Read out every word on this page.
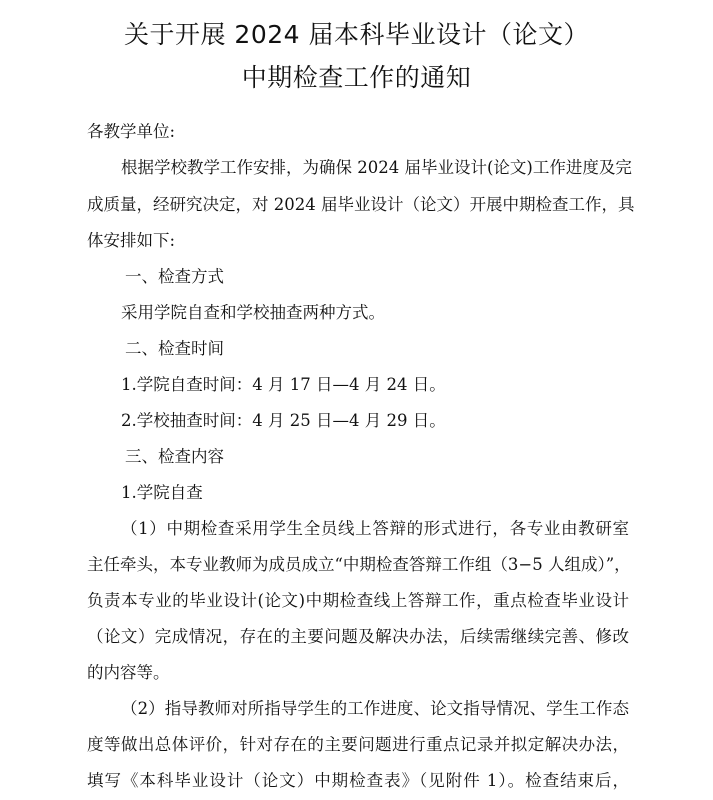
关于开展 2024 届本科毕业设计（论文）
中期检查工作的通知
各教学单位:
根据学校教学工作安排，为确保 2024 届毕业设计(论文)工作进度及完
成质量，经研究决定，对 2024 届毕业设计（论文）开展中期检查工作，具
体安排如下:
一、检查方式
采用学院自查和学校抽查两种方式。
二、检查时间
1.学院自查时间：4 月 17 日—4 月 24 日。
2.学校抽查时间：4 月 25 日—4 月 29 日。
三、检查内容
1.学院自查
（1）中期检查采用学生全员线上答辩的形式进行，各专业由教研室
主任牵头，本专业教师为成员成立“中期检查答辩工作组（3−5 人组成）”，
负责本专业的毕业设计(论文)中期检查线上答辩工作，重点检查毕业设计
（论文）完成情况，存在的主要问题及解决办法，后续需继续完善、修改
的内容等。
（2）指导教师对所指导学生的工作进度、论文指导情况、学生工作态
度等做出总体评价，针对存在的主要问题进行重点记录并拟定解决办法，
填写《本科毕业设计（论文）中期检查表》（见附件 1）。检查结束后，
